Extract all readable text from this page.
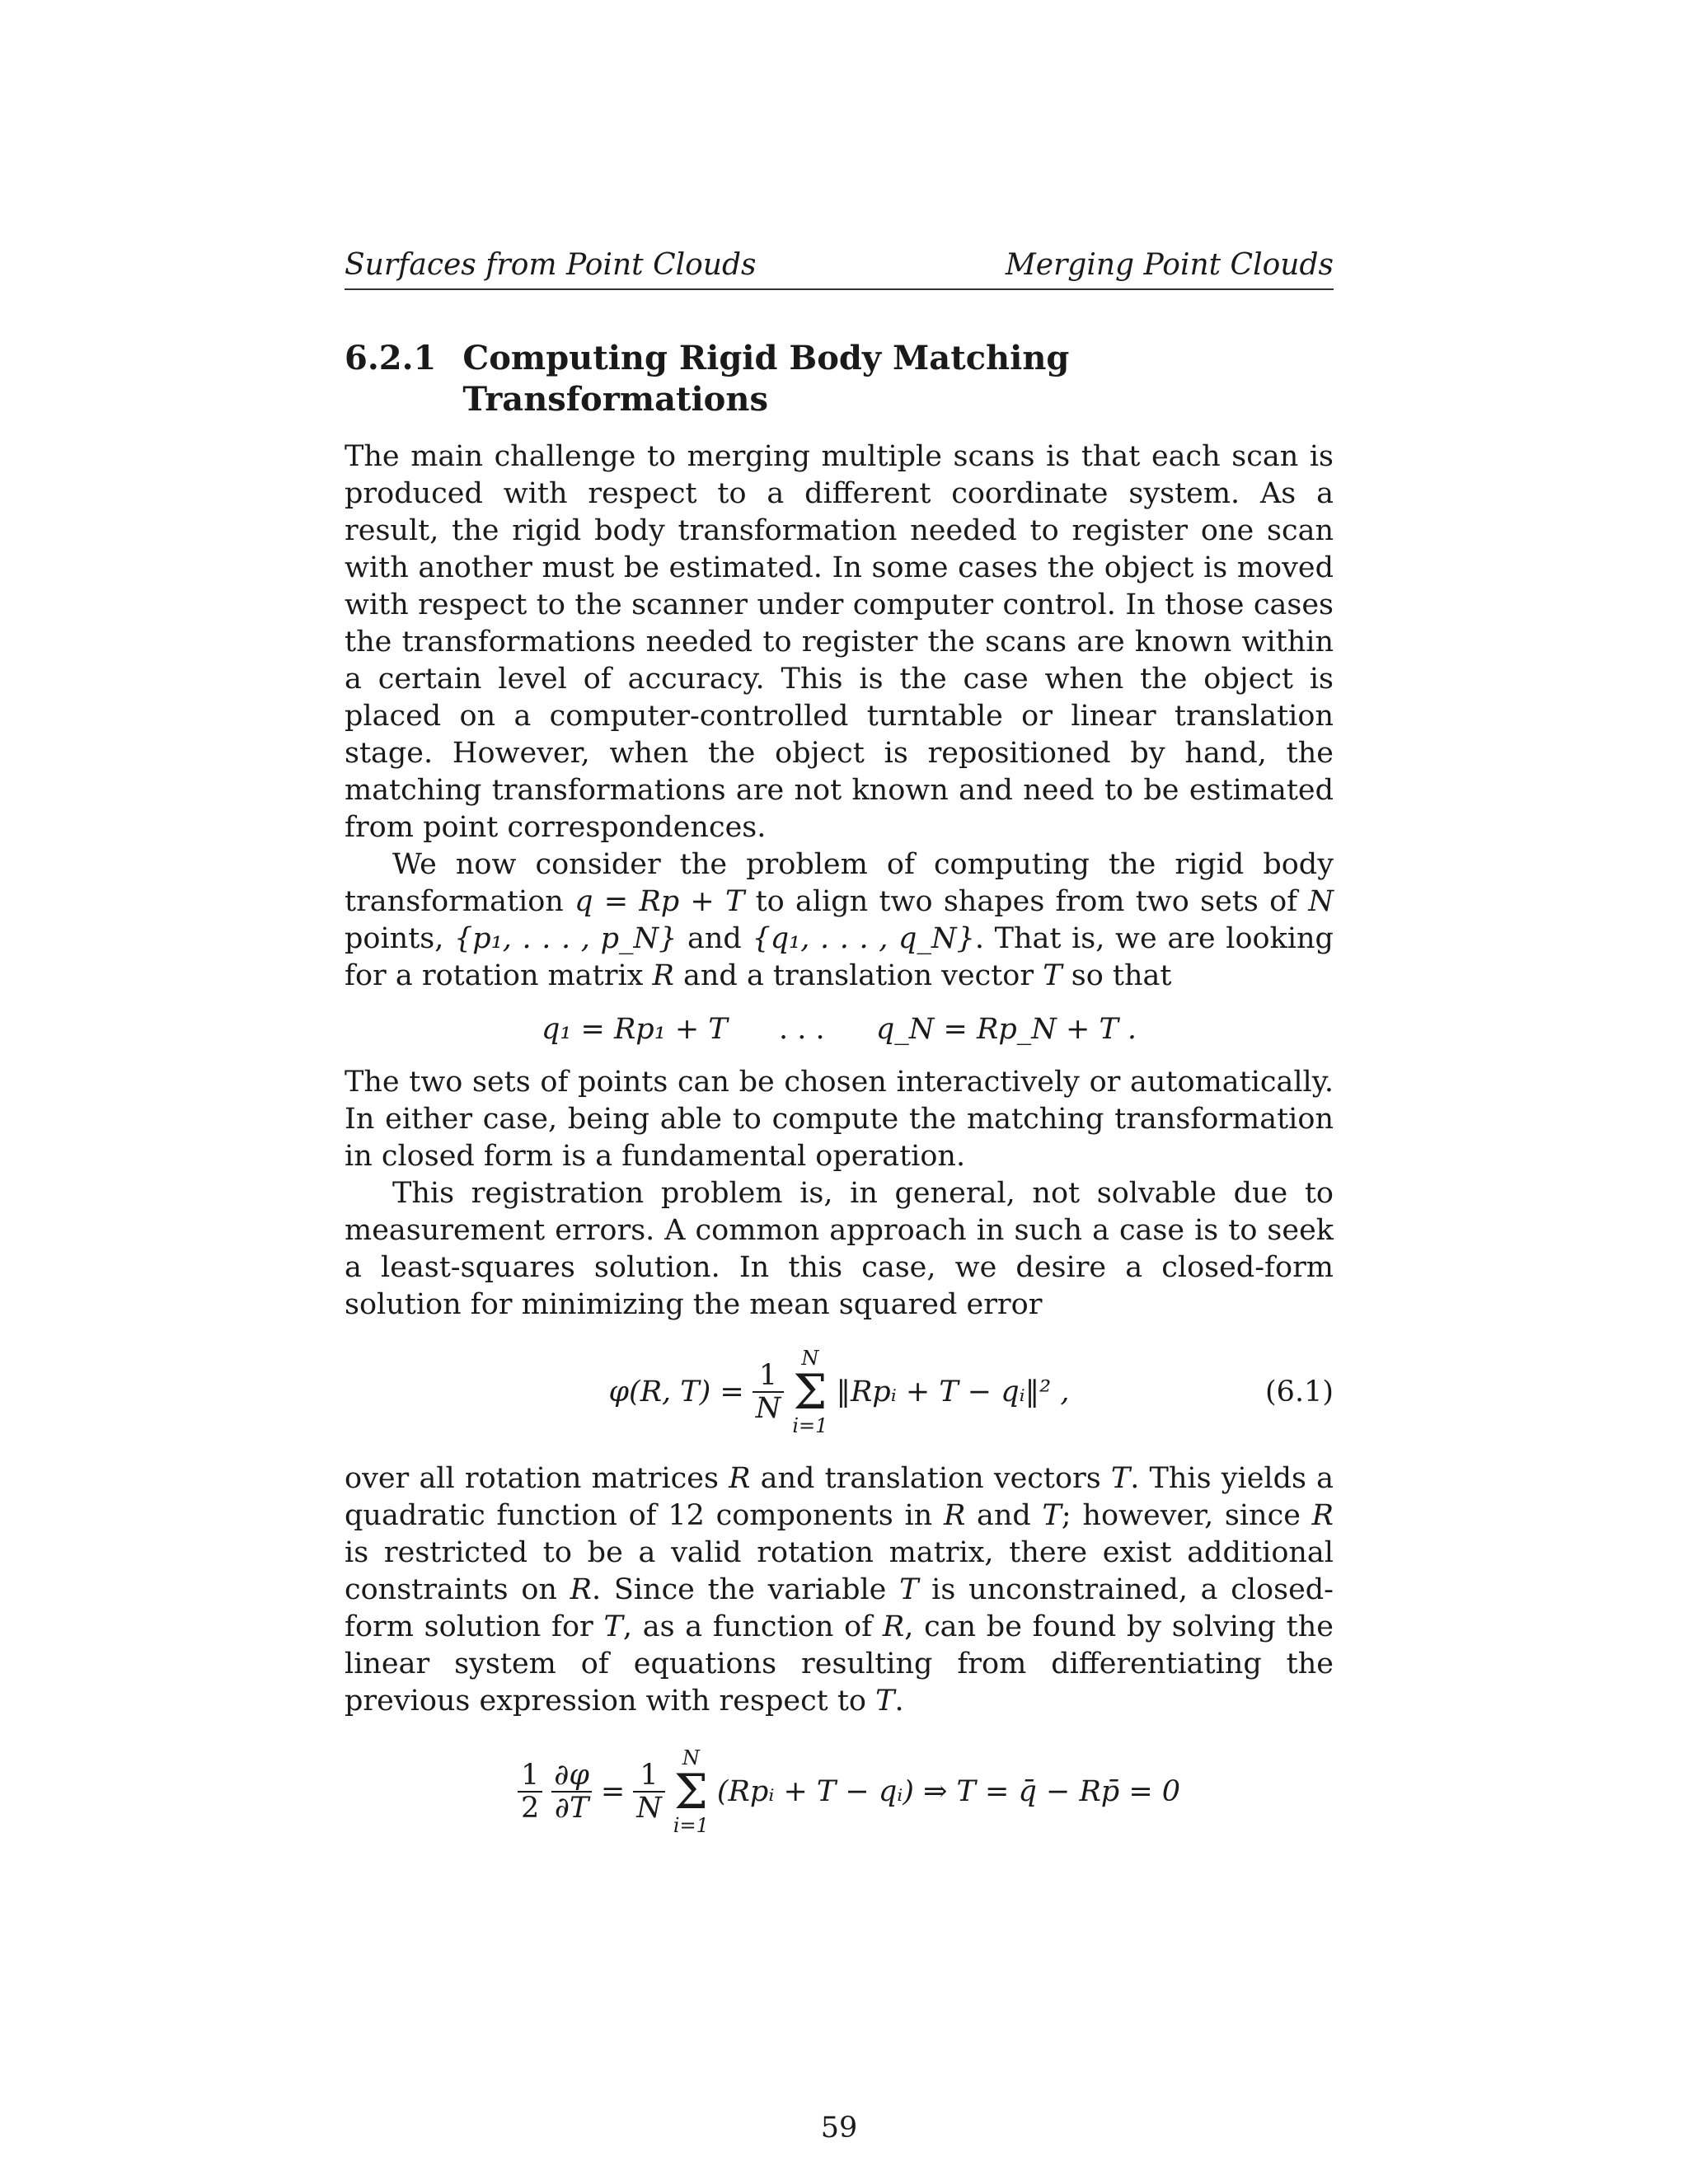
Surfaces from Point Clouds	Merging Point Clouds
6.2.1 Computing Rigid Body Matching Transformations

The main challenge to merging multiple scans is that each scan is produced with respect to a different coordinate system. As a result, the rigid body transformation needed to register one scan with another must be estimated. In some cases the object is moved with respect to the scanner under computer control. In those cases the transformations needed to register the scans are known within a certain level of accuracy. This is the case when the object is placed on a computer-controlled turntable or linear translation stage. However, when the object is repositioned by hand, the matching transformations are not known and need to be estimated from point correspondences.

We now consider the problem of computing the rigid body transformation q = Rp + T to align two shapes from two sets of N points, {p₁, . . . , p_N} and {q₁, . . . , q_N}. That is, we are looking for a rotation matrix R and a translation vector T so that

q₁ = Rp₁ + T . . . q_N = Rp_N + T .

The two sets of points can be chosen interactively or automatically. In either case, being able to compute the matching transformation in closed form is a fundamental operation.

This registration problem is, in general, not solvable due to measurement errors. A common approach in such a case is to seek a least-squares solution. In this case, we desire a closed-form solution for minimizing the mean squared error

φ(R, $T) = \frac{1}{N}$
N
Σ
i=1
‖Rpᵢ + T − qᵢ‖² ,	(6.1)

over all rotation matrices R and translation vectors T. This yields a quadratic function of 12 components in R and T; however, since R is restricted to be a valid rotation matrix, there exist additional constraints on R. Since the variable T is unconstrained, a closed-form solution for T, as a function of R, can be found by solving the linear system of equations resulting from differentiating the previous expression with respect to T.

$\frac{1}{2} \frac{\partial\varphi}{\partial T} = \frac{1}{N}$
N
Σ
i=1
(Rpᵢ + T − qᵢ) ⇒ T = q̄ − Rp̄ = 0
59
